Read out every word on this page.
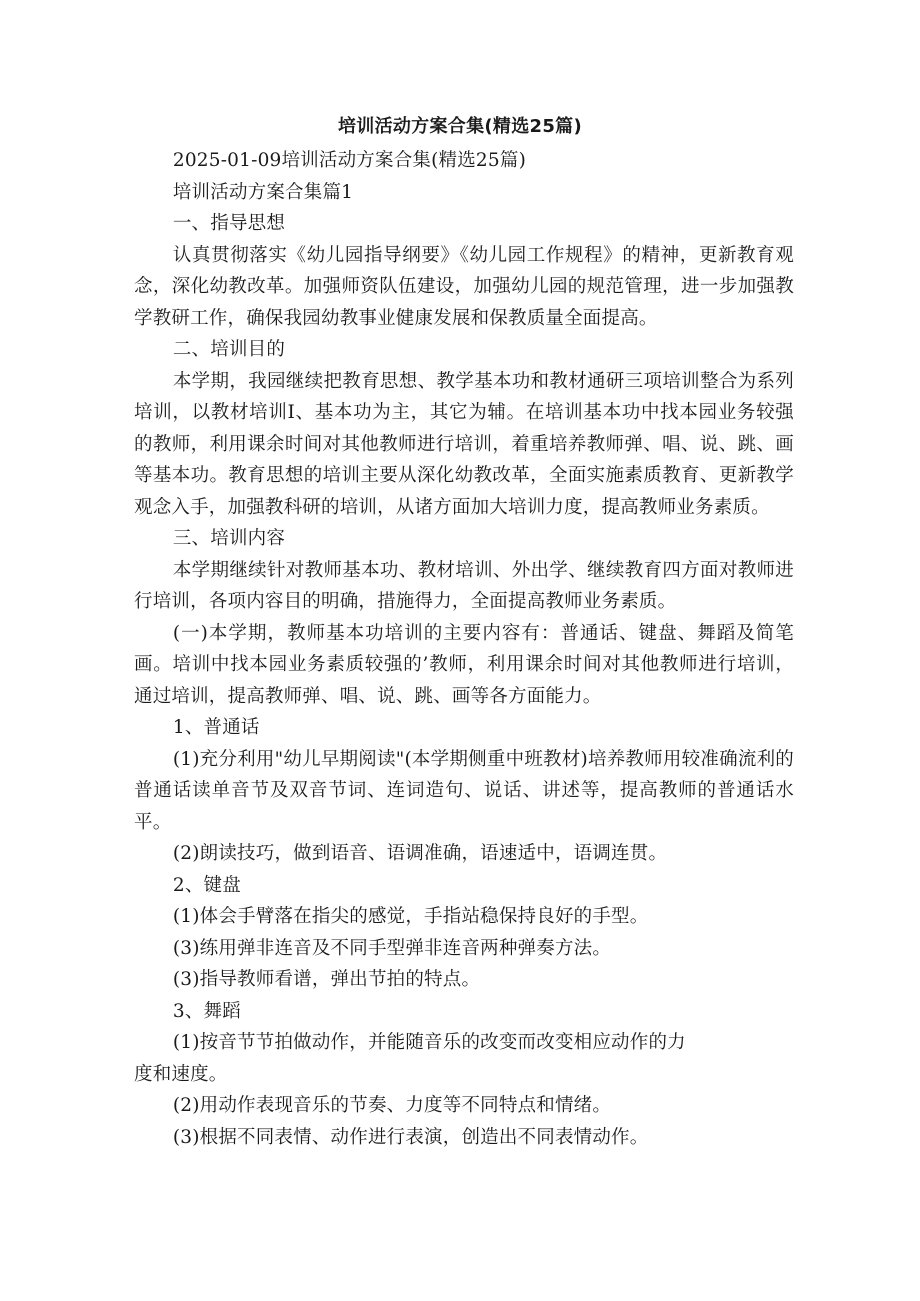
培训活动方案合集(精选25篇)

2025-01-09培训活动方案合集(精选25篇)

培训活动方案合集篇1

一、指导思想

认真贯彻落实《幼儿园指导纲要》《幼儿园工作规程》的精神，更新教育观念，深化幼教改革。加强师资队伍建设，加强幼儿园的规范管理，进一步加强教学教研工作，确保我园幼教事业健康发展和保教质量全面提高。

二、培训目的

本学期，我园继续把教育思想、教学基本功和教材通研三项培训整合为系列培训，以教材培训I、基本功为主，其它为辅。在培训基本功中找本园业务较强的教师，利用课余时间对其他教师进行培训，着重培养教师弹、唱、说、跳、画等基本功。教育思想的培训主要从深化幼教改革，全面实施素质教育、更新教学观念入手，加强教科研的培训，从诸方面加大培训力度，提高教师业务素质。

三、培训内容

本学期继续针对教师基本功、教材培训、外出学、继续教育四方面对教师进行培训，各项内容目的明确，措施得力，全面提高教师业务素质。

(一)本学期，教师基本功培训的主要内容有：普通话、键盘、舞蹈及简笔画。培训中找本园业务素质较强的’教师，利用课余时间对其他教师进行培训，通过培训，提高教师弹、唱、说、跳、画等各方面能力。

1、普通话

(1)充分利用"幼儿早期阅读"(本学期侧重中班教材)培养教师用较准确流利的普通话读单音节及双音节词、连词造句、说话、讲述等，提高教师的普通话水平。

(2)朗读技巧，做到语音、语调准确，语速适中，语调连贯。

2、键盘

(1)体会手臂落在指尖的感觉，手指站稳保持良好的手型。

(3)练用弹非连音及不同手型弹非连音两种弹奏方法。

(3)指导教师看谱，弹出节拍的特点。

3、舞蹈

(1)按音节节拍做动作，并能随音乐的改变而改变相应动作的力

度和速度。

(2)用动作表现音乐的节奏、力度等不同特点和情绪。

(3)根据不同表情、动作进行表演，创造出不同表情动作。
